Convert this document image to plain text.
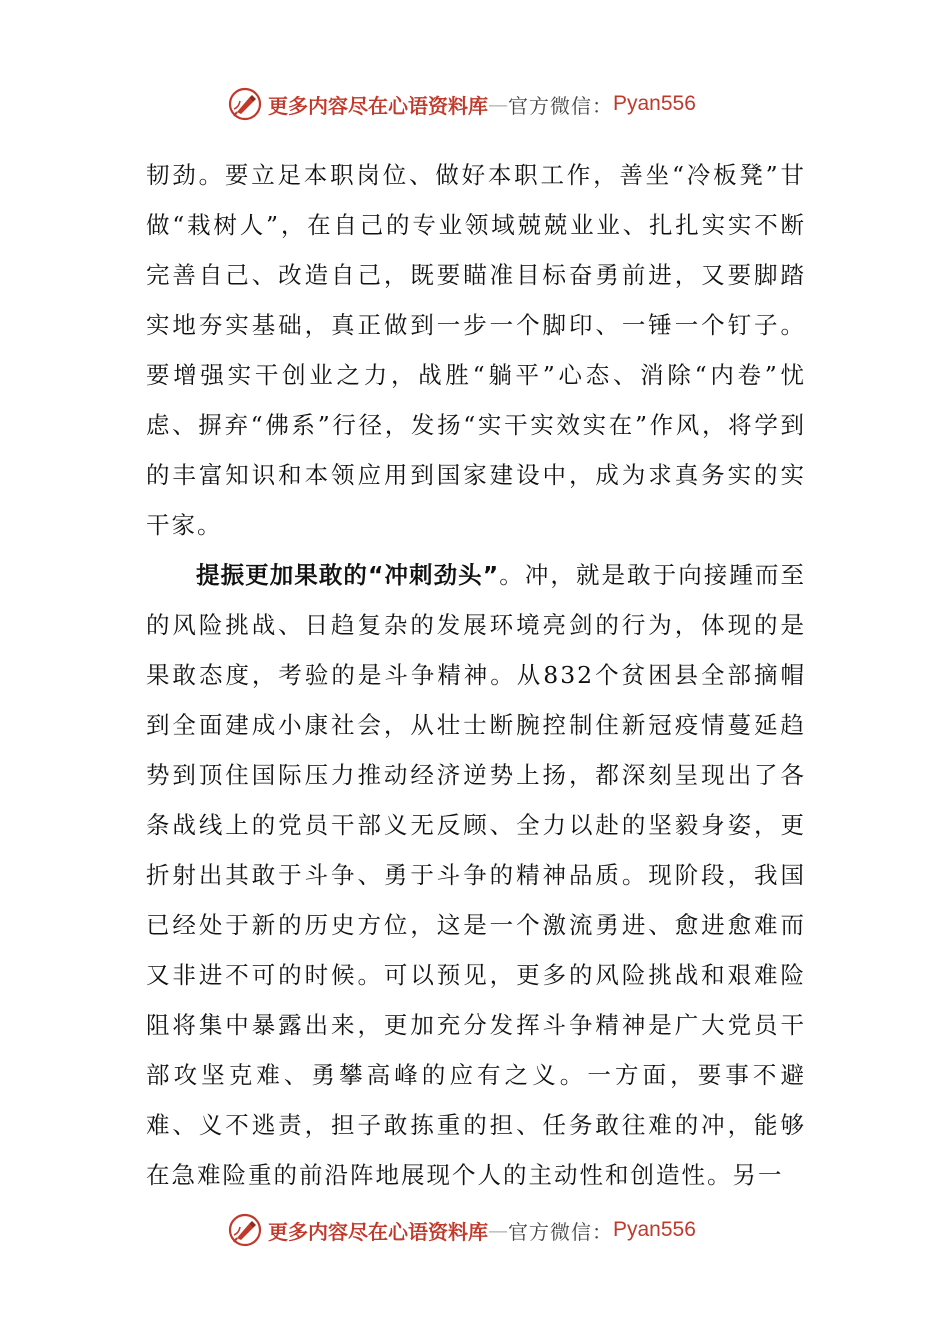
更多内容尽在心语资料库 — 官方微信： Pyan556

韧劲。要立足本职岗位、做好本职工作，善坐“冷板凳”甘做“栽树人”，在自己的专业领域兢兢业业、扎扎实实不断完善自己、改造自己，既要瞄准目标奋勇前进，又要脚踏实地夯实基础，真正做到一步一个脚印、一锤一个钉子。要增强实干创业之力，战胜“躺平”心态、消除“内卷”忧虑、摒弃“佛系”行径，发扬“实干实效实在”作风，将学到的丰富知识和本领应用到国家建设中，成为求真务实的实干家。

提振更加果敢的“冲刺劲头”。冲，就是敢于向接踵而至的风险挑战、日趋复杂的发展环境亮剑的行为，体现的是果敢态度，考验的是斗争精神。从832个贫困县全部摘帽到全面建成小康社会，从壮士断腕控制住新冠疫情蔓延趋势到顶住国际压力推动经济逆势上扬，都深刻呈现出了各条战线上的党员干部义无反顾、全力以赴的坚毅身姿，更折射出其敢于斗争、勇于斗争的精神品质。现阶段，我国已经处于新的历史方位，这是一个激流勇进、愈进愈难而又非进不可的时候。可以预见，更多的风险挑战和艰难险阻将集中暴露出来，更加充分发挥斗争精神是广大党员干部攻坚克难、勇攀高峰的应有之义。一方面，要事不避难、义不逃责，担子敢拣重的担、任务敢往难的冲，能够在急难险重的前沿阵地展现个人的主动性和创造性。另一

更多内容尽在心语资料库 — 官方微信： Pyan556
